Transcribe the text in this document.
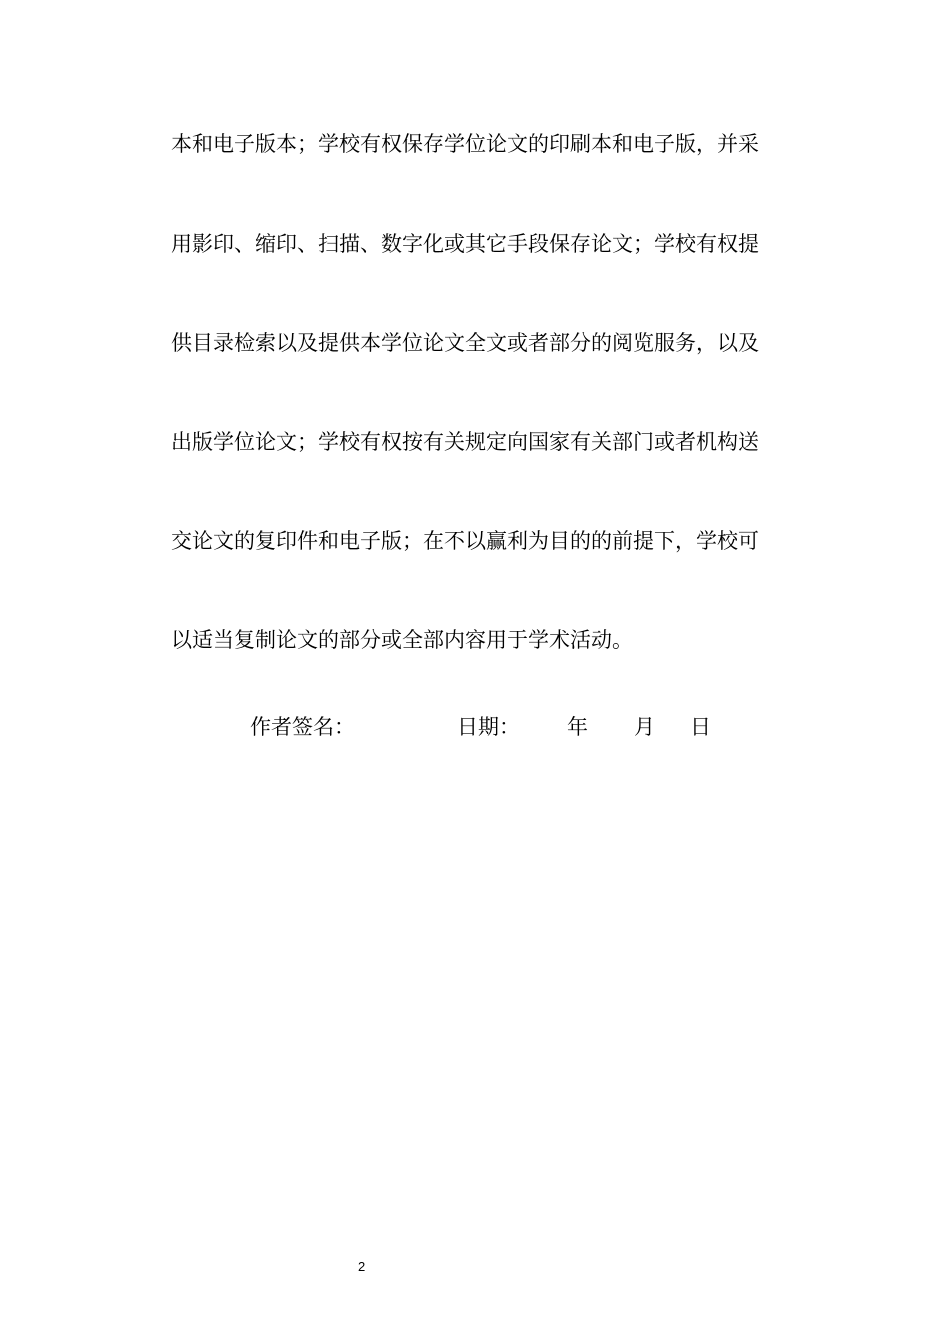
本和电子版本；学校有权保存学位论文的印刷本和电子版，并采
用影印、缩印、扫描、数字化或其它手段保存论文；学校有权提
供目录检索以及提供本学位论文全文或者部分的阅览服务，以及
出版学位论文；学校有权按有关规定向国家有关部门或者机构送
交论文的复印件和电子版；在不以赢利为目的的前提下，学校可
以适当复制论文的部分或全部内容用于学术活动。
作者签名：	日期： 年 月 日
2
